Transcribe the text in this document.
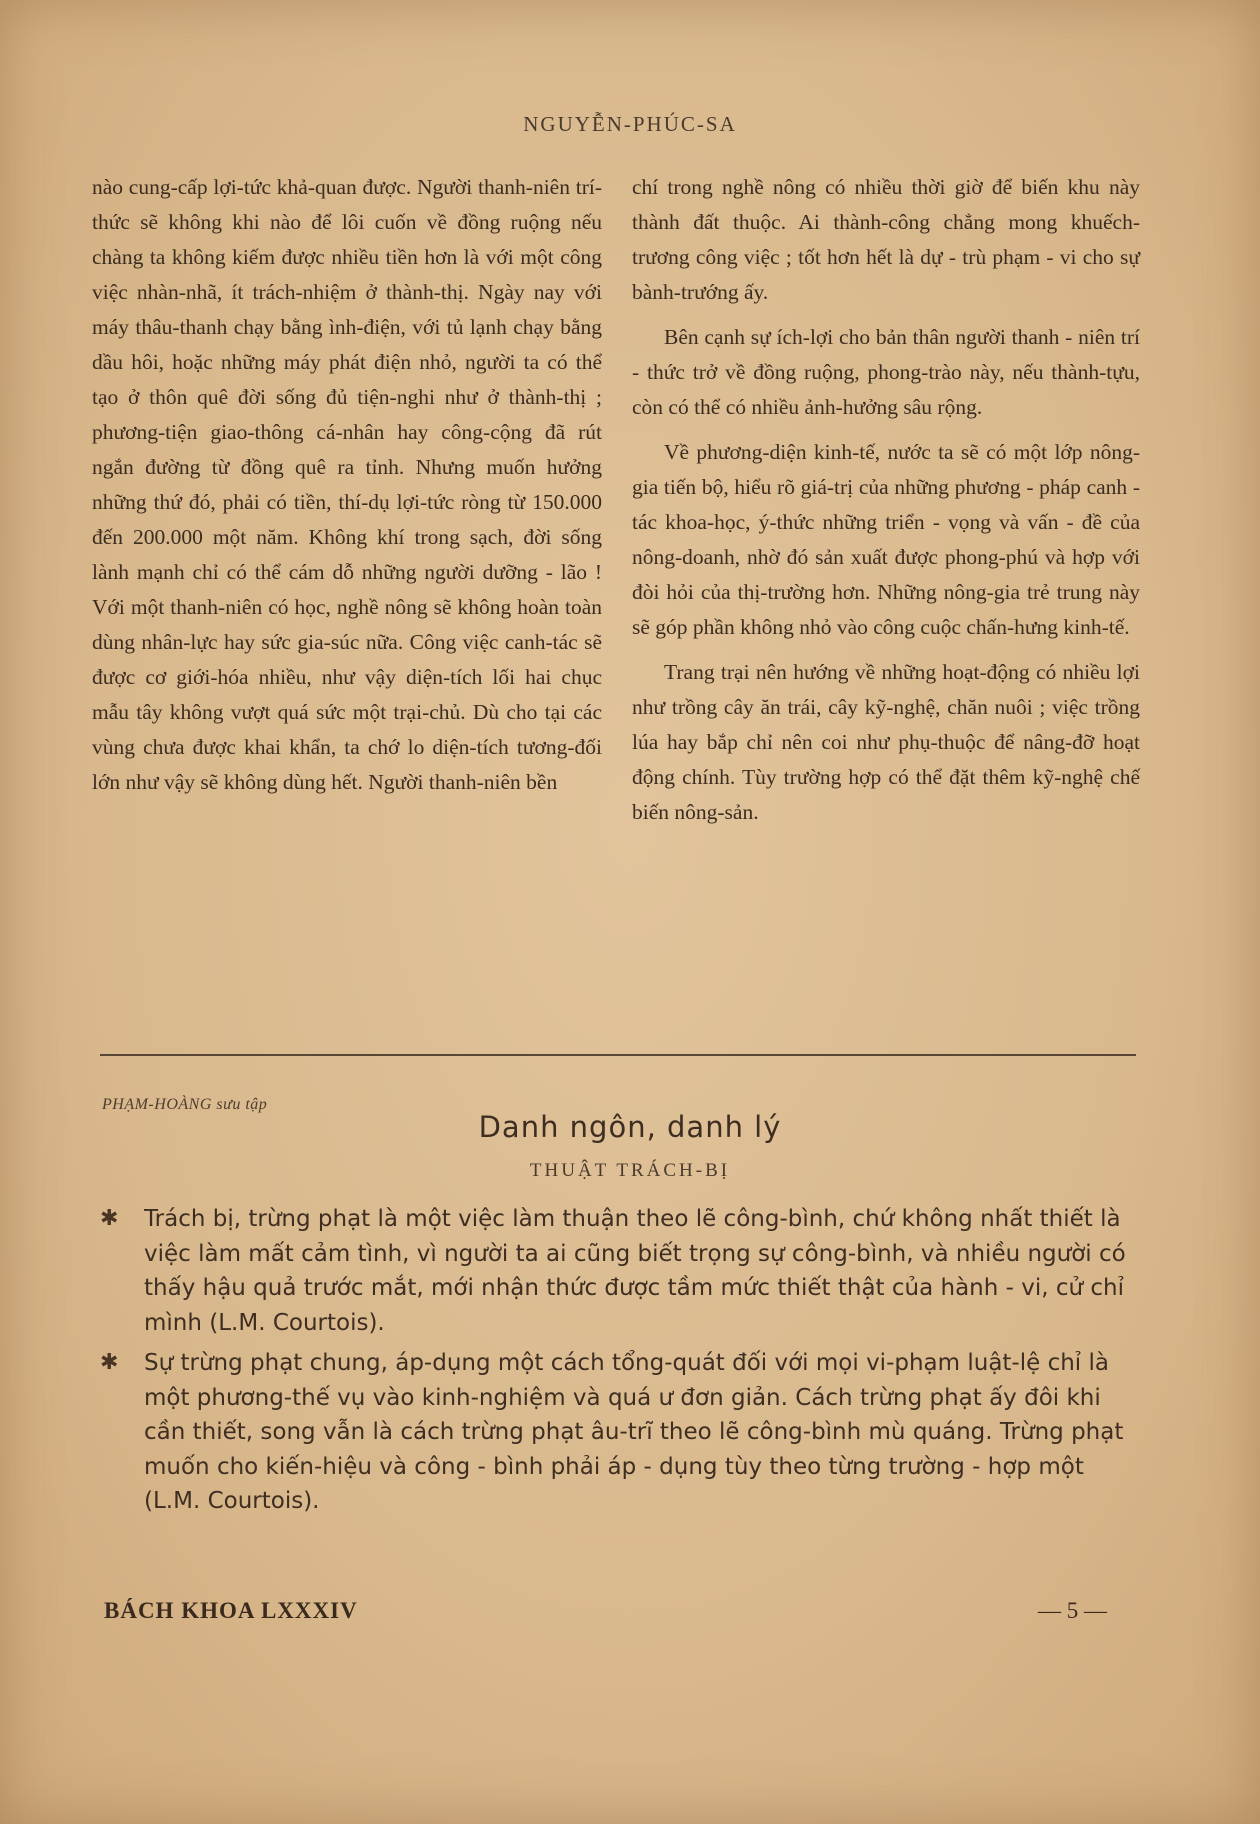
NGUYỄN-PHÚC-SA

nào cung-cấp lợi-tức khả-quan được. Người thanh-niên trí-thức sẽ không khi nào để lôi cuốn về đồng ruộng nếu chàng ta không kiếm được nhiều tiền hơn là với một công việc nhàn-nhã, ít trách-nhiệm ở thành-thị. Ngày nay với máy thâu-thanh chạy bằng ình-điện, với tủ lạnh chạy bằng dầu hôi, hoặc những máy phát điện nhỏ, người ta có thể tạo ở thôn quê đời sống đủ tiện-nghi như ở thành-thị ; phương-tiện giao-thông cá-nhân hay công-cộng đã rút ngắn đường từ đồng quê ra tỉnh. Nhưng muốn hưởng những thứ đó, phải có tiền, thí-dụ lợi-tức ròng từ 150.000 đến 200.000 một năm. Không khí trong sạch, đời sống lành mạnh chỉ có thể cám dỗ những người dưỡng - lão ! Với một thanh-niên có học, nghề nông sẽ không hoàn toàn dùng nhân-lực hay sức gia-súc nữa. Công việc canh-tác sẽ được cơ giới-hóa nhiều, như vậy diện-tích lối hai chục mẫu tây không vượt quá sức một trại-chủ. Dù cho tại các vùng chưa được khai khẩn, ta chớ lo diện-tích tương-đối lớn như vậy sẽ không dùng hết. Người thanh-niên bền

chí trong nghề nông có nhiều thời giờ để biến khu này thành đất thuộc. Ai thành-công chẳng mong khuếch-trương công việc ; tốt hơn hết là dự - trù phạm - vi cho sự bành-trướng ấy.

Bên cạnh sự ích-lợi cho bản thân người thanh - niên trí - thức trở về đồng ruộng, phong-trào này, nếu thành-tựu, còn có thể có nhiều ảnh-hưởng sâu rộng.

Về phương-diện kinh-tế, nước ta sẽ có một lớp nông-gia tiến bộ, hiểu rõ giá-trị của những phương - pháp canh - tác khoa-học, ý-thức những triển - vọng và vấn - đề của nông-doanh, nhờ đó sản xuất được phong-phú và hợp với đòi hỏi của thị-trường hơn. Những nông-gia trẻ trung này sẽ góp phần không nhỏ vào công cuộc chấn-hưng kinh-tế.

Trang trại nên hướng về những hoạt-động có nhiều lợi như trồng cây ăn trái, cây kỹ-nghệ, chăn nuôi ; việc trồng lúa hay bắp chỉ nên coi như phụ-thuộc để nâng-đỡ hoạt động chính. Tùy trường hợp có thể đặt thêm kỹ-nghệ chế biến nông-sản.

PHẠM-HOÀNG sưu tập
Danh ngôn, danh lý
THUẬT TRÁCH-BỊ
✱	Trách bị, trừng phạt là một việc làm thuận theo lẽ công-bình, chứ không nhất thiết là việc làm mất cảm tình, vì người ta ai cũng biết trọng sự công-bình, và nhiều người có thấy hậu quả trước mắt, mới nhận thức được tầm mức thiết thật của hành - vi, cử chỉ mình (L.M. Courtois).
✱	Sự trừng phạt chung, áp-dụng một cách tổng-quát đối với mọi vi-phạm luật-lệ chỉ là một phương-thế vụ vào kinh-nghiệm và quá ư đơn giản. Cách trừng phạt ấy đôi khi cần thiết, song vẫn là cách trừng phạt âu-trĩ theo lẽ công-bình mù quáng. Trừng phạt muốn cho kiến-hiệu và công - bình phải áp - dụng tùy theo từng trường - hợp một (L.M. Courtois).
BÁCH KHOA LXXXIV	— 5 —
